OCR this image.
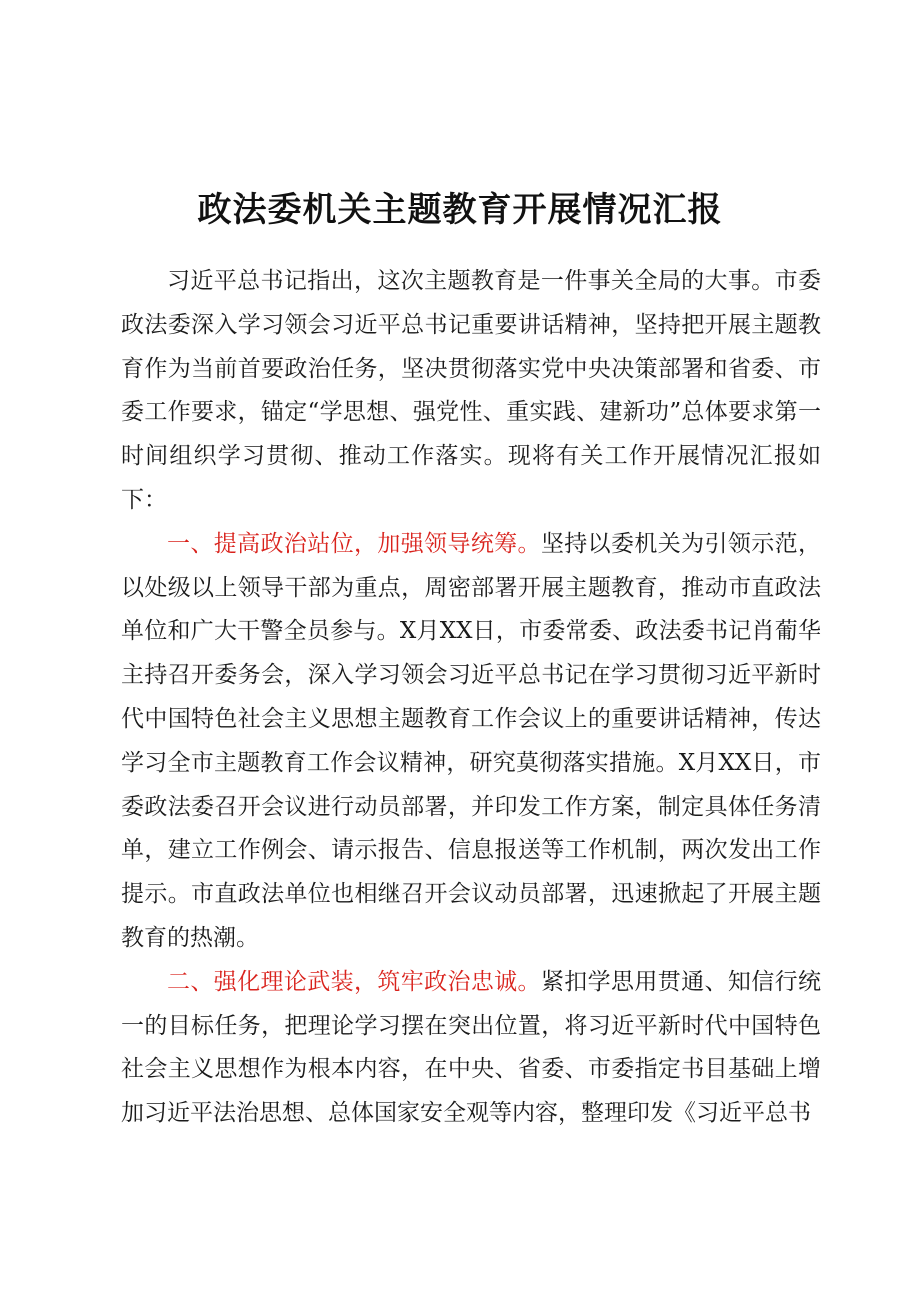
政法委机关主题教育开展情况汇报

习近平总书记指出，这次主题教育是一件事关全局的大事。市委政法委深入学习领会习近平总书记重要讲话精神，坚持把开展主题教育作为当前首要政治任务，坚决贯彻落实党中央决策部署和省委、市委工作要求，锚定“学思想、强党性、重实践、建新功”总体要求第一时间组织学习贯彻、推动工作落实。现将有关工作开展情况汇报如下：

一、提高政治站位，加强领导统筹。坚持以委机关为引领示范，以处级以上领导干部为重点，周密部署开展主题教育，推动市直政法单位和广大干警全员参与。X月XX日，市委常委、政法委书记肖葡华主持召开委务会，深入学习领会习近平总书记在学习贯彻习近平新时代中国特色社会主义思想主题教育工作会议上的重要讲话精神，传达学习全市主题教育工作会议精神，研究莫彻落实措施。X月XX日，市委政法委召开会议进行动员部署，并印发工作方案，制定具体任务清单，建立工作例会、请示报告、信息报送等工作机制，两次发出工作提示。市直政法单位也相继召开会议动员部署，迅速掀起了开展主题教育的热潮。

二、强化理论武装，筑牢政治忠诚。紧扣学思用贯通、知信行统一的目标任务，把理论学习摆在突出位置，将习近平新时代中国特色社会主义思想作为根本内容，在中央、省委、市委指定书目基础上增加习近平法治思想、总体国家安全观等内容，整理印发《习近平总书
